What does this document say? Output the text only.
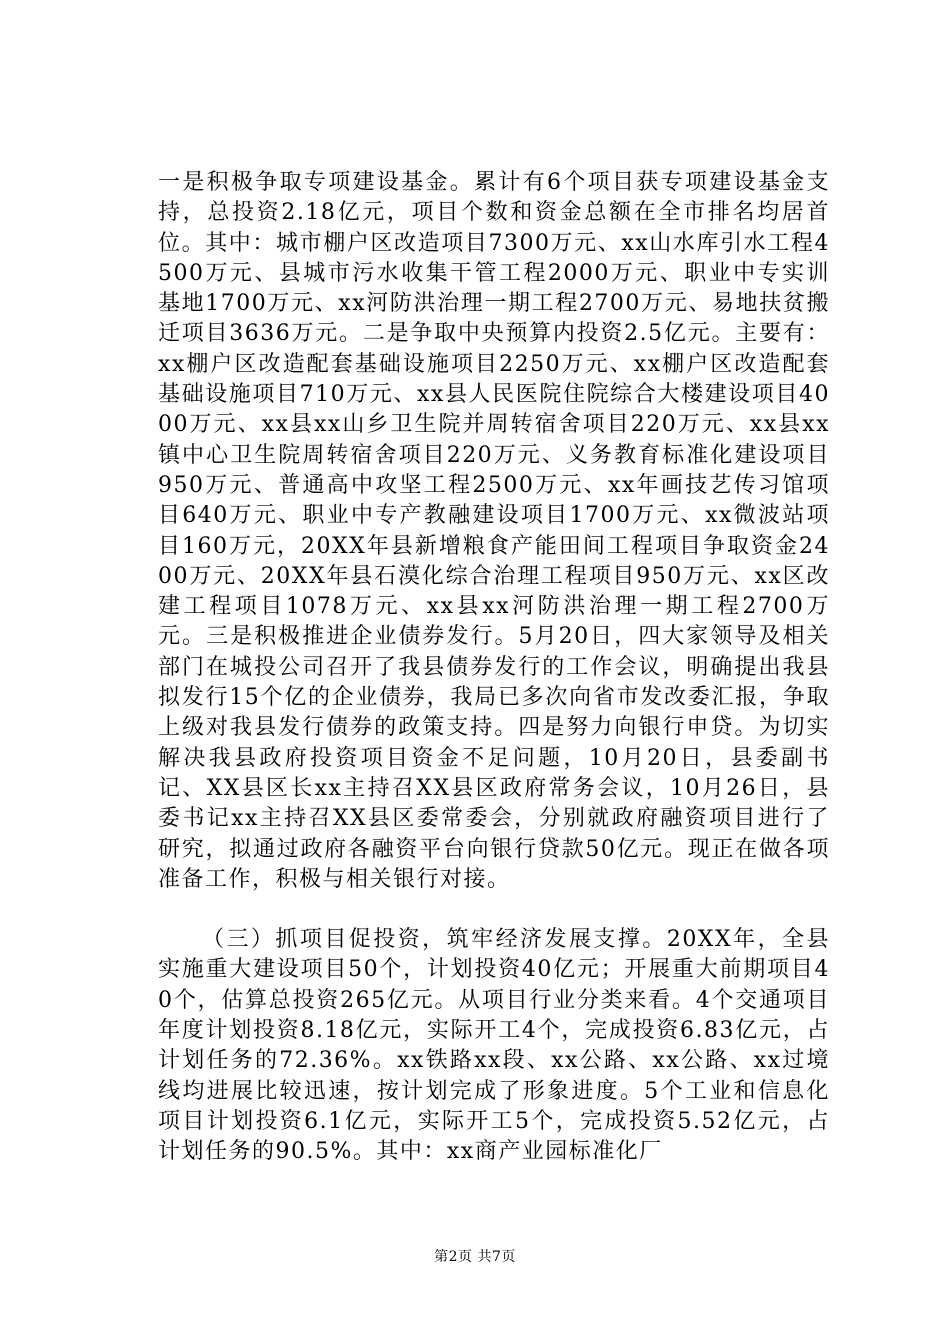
一是积极争取专项建设基金。累计有6个项目获专项建设基金支持，总投资2.18亿元，项目个数和资金总额在全市排名均居首位。其中：城市棚户区改造项目7300万元、xx山水库引水工程4500万元、县城市污水收集干管工程2000万元、职业中专实训基地1700万元、xx河防洪治理一期工程2700万元、易地扶贫搬迁项目3636万元。二是争取中央预算内投资2.5亿元。主要有：xx棚户区改造配套基础设施项目2250万元、xx棚户区改造配套基础设施项目710万元、xx县人民医院住院综合大楼建设项目4000万元、xx县xx山乡卫生院并周转宿舍项目220万元、xx县xx镇中心卫生院周转宿舍项目220万元、义务教育标准化建设项目950万元、普通高中攻坚工程2500万元、xx年画技艺传习馆项目640万元、职业中专产教融建设项目1700万元、xx微波站项目160万元，20XX年县新增粮食产能田间工程项目争取资金2400万元、20XX年县石漠化综合治理工程项目950万元、xx区改建工程项目1078万元、xx县xx河防洪治理一期工程2700万元。三是积极推进企业债券发行。5月20日，四大家领导及相关部门在城投公司召开了我县债券发行的工作会议，明确提出我县拟发行15个亿的企业债券，我局已多次向省市发改委汇报，争取上级对我县发行债券的政策支持。四是努力向银行申贷。为切实解决我县政府投资项目资金不足问题，10月20日，县委副书记、XX县区长xx主持召XX县区政府常务会议，10月26日，县委书记xx主持召XX县区委常委会，分别就政府融资项目进行了研究，拟通过政府各融资平台向银行贷款50亿元。现正在做各项准备工作，积极与相关银行对接。

（三）抓项目促投资，筑牢经济发展支撑。20XX年，全县实施重大建设项目50个，计划投资40亿元；开展重大前期项目40个，估算总投资265亿元。从项目行业分类来看。4个交通项目年度计划投资8.18亿元，实际开工4个，完成投资6.83亿元，占计划任务的72.36%。xx铁路xx段、xx公路、xx公路、xx过境线均进展比较迅速，按计划完成了形象进度。5个工业和信息化项目计划投资6.1亿元，实际开工5个，完成投资5.52亿元，占计划任务的90.5%。其中：xx商产业园标准化厂

第2页 共7页
